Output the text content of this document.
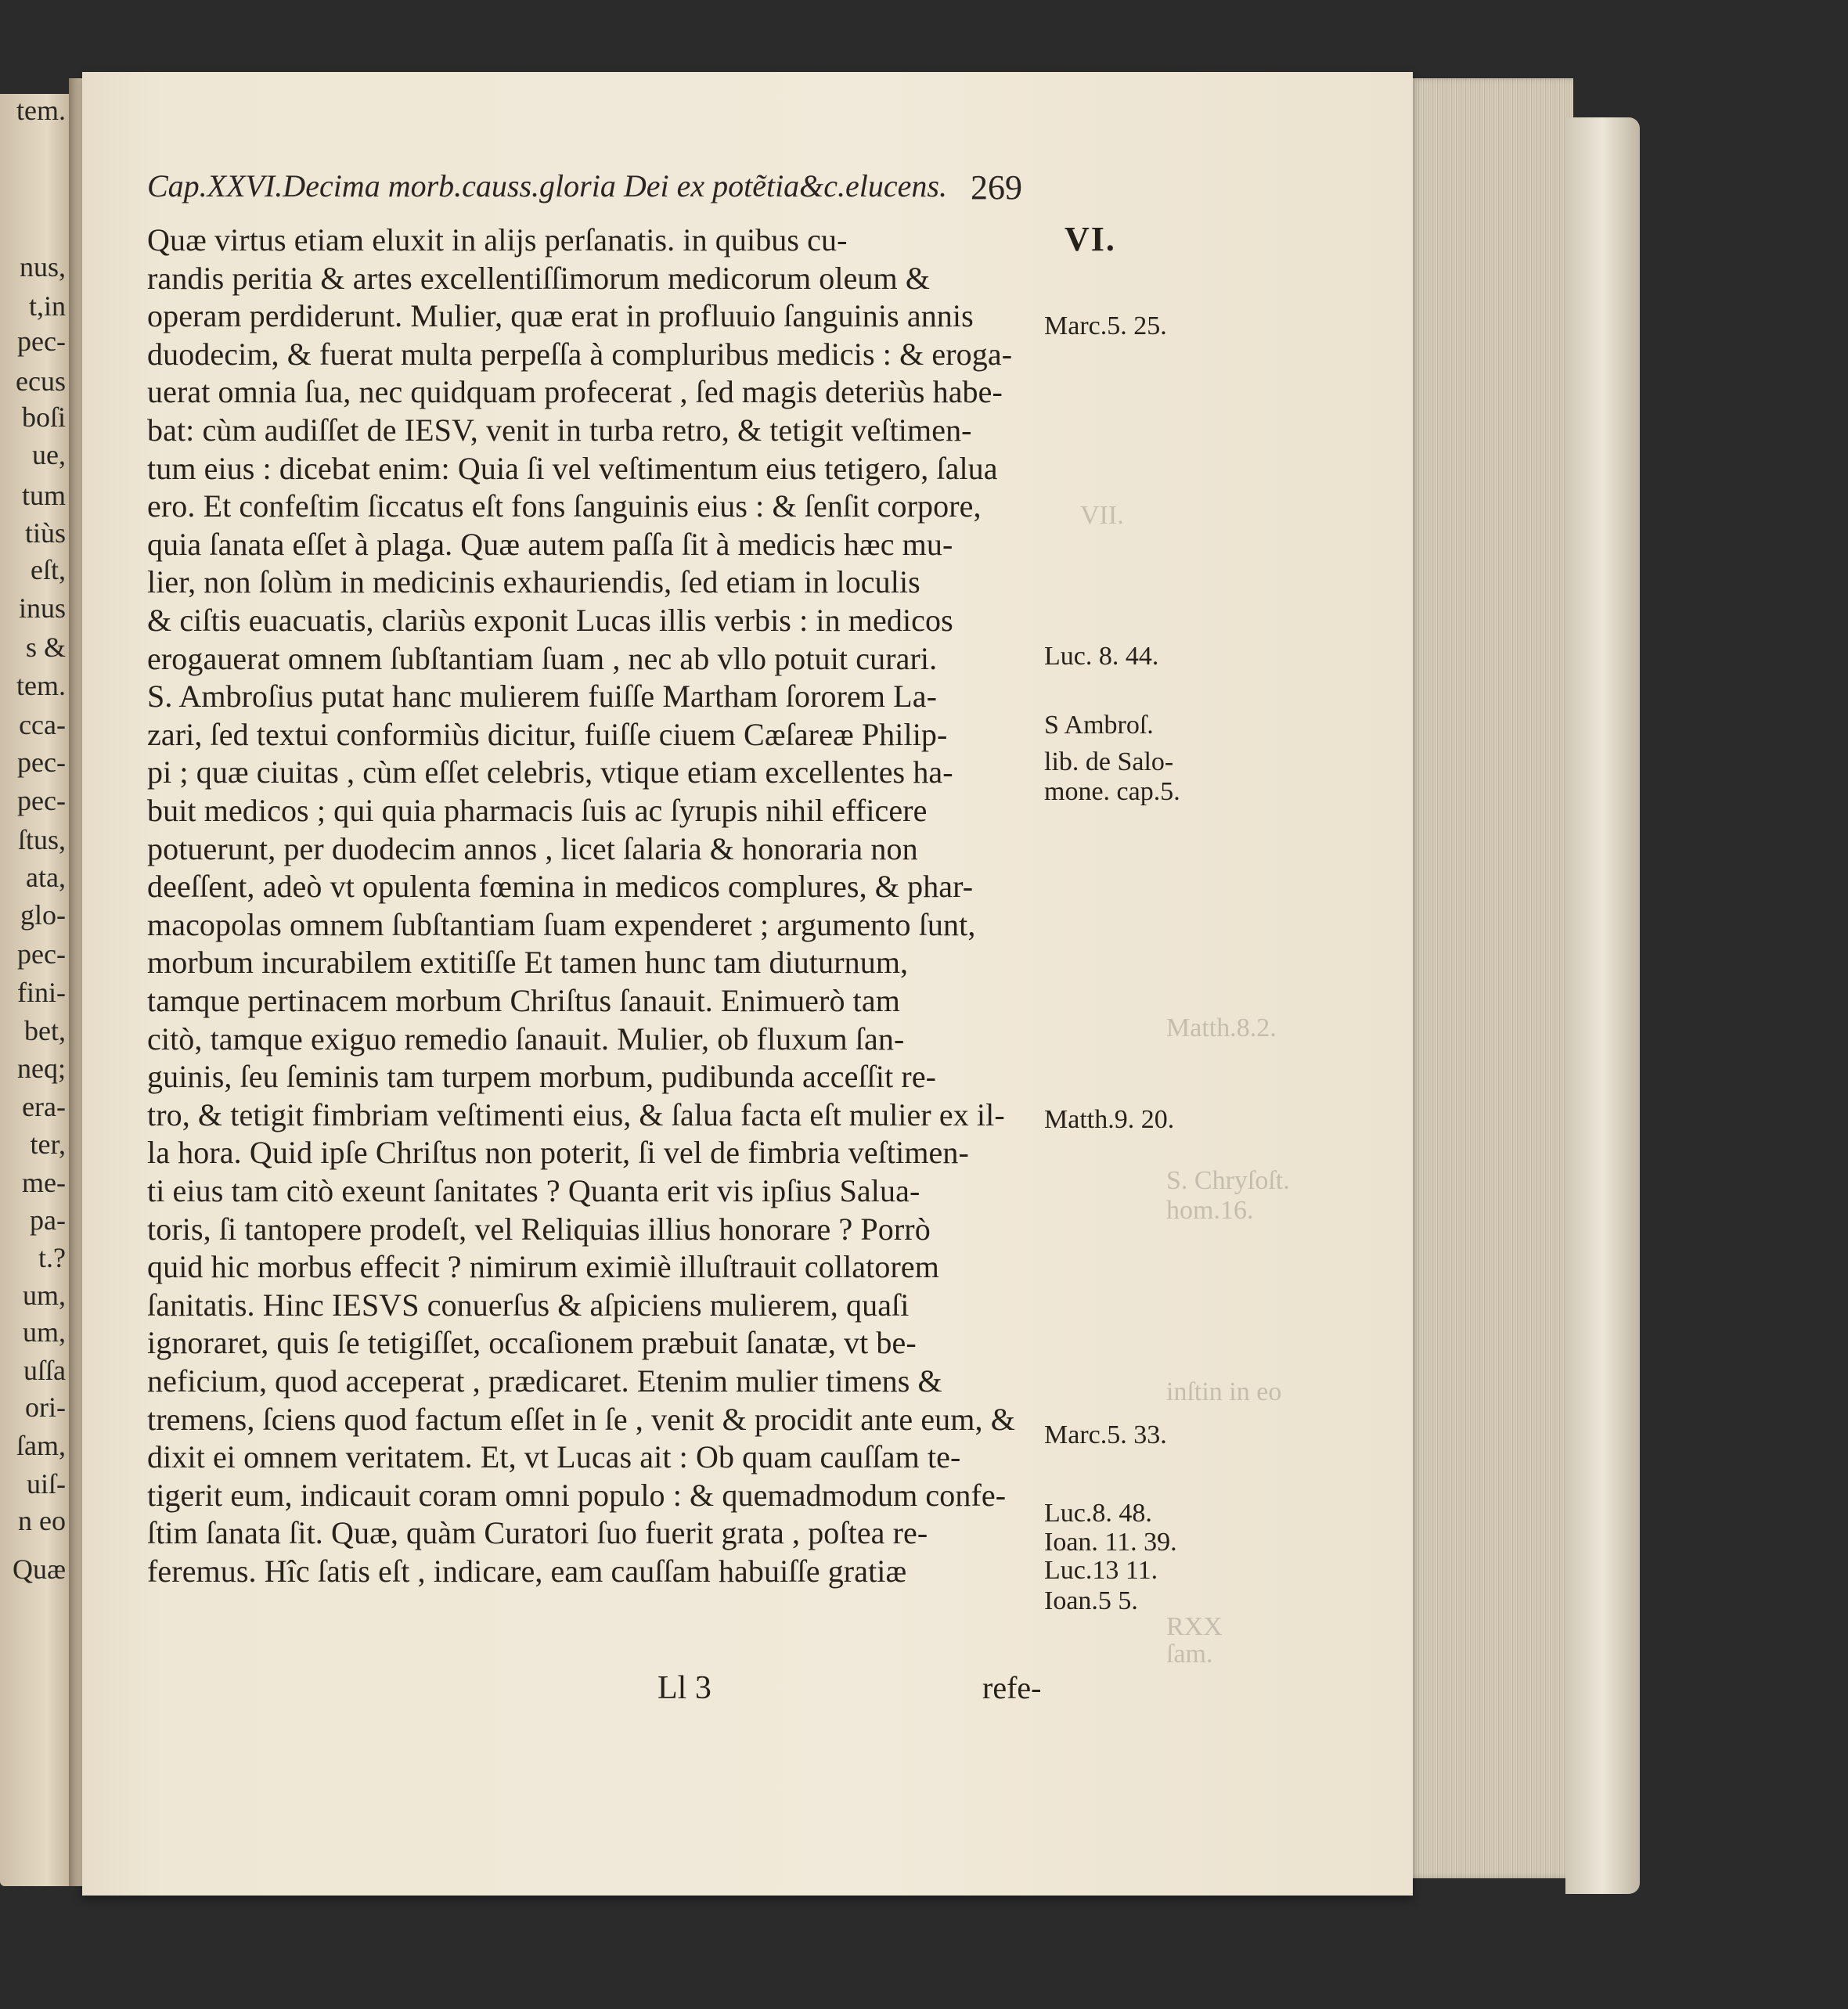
tem.
nus,
t,in
pec-
ecus
boſi
ue,
tum
tiùs
eſt,
inus
s &
tem.
cca-
pec-
pec-
ſtus,
ata,
glo-
pec-
fini-
bet,
neq;
era-
ter,
me-
pa-
t.?
um,
um,
uſſa
ori-
ſam,
uiſ-
n eo
Quæ
Cap.XXVI.Decima morb.causs.gloria Dei ex potẽtia&c.elucens. 269
Quæ virtus etiam eluxit in alijs perſanatis. in quibus cu-
randis peritia & artes excellentiſſimorum medicorum oleum &
operam perdiderunt. Mulier, quæ erat in profluuio ſanguinis annis
duodecim, & fuerat multa perpeſſa à compluribus medicis : & eroga-
uerat omnia ſua, nec quidquam profecerat , ſed magis deteriùs habe-
bat: cùm audiſſet de IESV, venit in turba retro, & tetigit veſtimen-
tum eius : dicebat enim: Quia ſi vel veſtimentum eius tetigero, ſalua
ero. Et confeſtim ſiccatus eſt fons ſanguinis eius : & ſenſit corpore,
quia ſanata eſſet à plaga. Quæ autem paſſa ſit à medicis hæc mu-
lier, non ſolùm in medicinis exhauriendis, ſed etiam in loculis
& ciſtis euacuatis, clariùs exponit Lucas illis verbis : in medicos
erogauerat omnem ſubſtantiam ſuam , nec ab vllo potuit curari.
S. Ambroſius putat hanc mulierem fuiſſe Martham ſororem La-
zari, ſed textui conformiùs dicitur, fuiſſe ciuem Cæſareæ Philip-
pi ; quæ ciuitas , cùm eſſet celebris, vtique etiam excellentes ha-
buit medicos ; qui quia pharmacis ſuis ac ſyrupis nihil efficere
potuerunt, per duodecim annos , licet ſalaria & honoraria non
deeſſent, adeò vt opulenta fœmina in medicos complures, & phar-
macopolas omnem ſubſtantiam ſuam expenderet ; argumento ſunt,
morbum incurabilem extitiſſe Et tamen hunc tam diuturnum,
tamque pertinacem morbum Chriſtus ſanauit. Enimuerò tam
citò, tamque exiguo remedio ſanauit. Mulier, ob fluxum ſan-
guinis, ſeu ſeminis tam turpem morbum, pudibunda acceſſit re-
tro, & tetigit fimbriam veſtimenti eius, & ſalua facta eſt mulier ex il-
la hora. Quid ipſe Chriſtus non poterit, ſi vel de fimbria veſtimen-
ti eius tam citò exeunt ſanitates ? Quanta erit vis ipſius Salua-
toris, ſi tantopere prodeſt, vel Reliquias illius honorare ? Porrò
quid hic morbus effecit ? nimirum eximiè illuſtrauit collatorem
ſanitatis. Hinc IESVS conuerſus & aſpiciens mulierem, quaſi
ignoraret, quis ſe tetigiſſet, occaſionem præbuit ſanatæ, vt be-
neficium, quod acceperat , prædicaret. Etenim mulier timens &
tremens, ſciens quod factum eſſet in ſe , venit & procidit ante eum, &
dixit ei omnem veritatem. Et, vt Lucas ait : Ob quam cauſſam te-
tigerit eum, indicauit coram omni populo : & quemadmodum confe-
ſtim ſanata ſit. Quæ, quàm Curatori ſuo fuerit grata , poſtea re-
feremus. Hîc ſatis eſt , indicare, eam cauſſam habuiſſe gratiæ
VI.
Marc.5. 25.
Luc. 8. 44.
S Ambroſ.
lib. de Salo-
mone. cap.5.
Matth.9. 20.
Marc.5. 33.
Luc.8. 48.
Ioan. 11. 39.
Luc.13 11.
Ioan.5 5.
VII.
Matth.8.2.
S. Chryſoſt.
hom.16.
inſtin in eo
RXX
ſam.
Ll 3	refe-
